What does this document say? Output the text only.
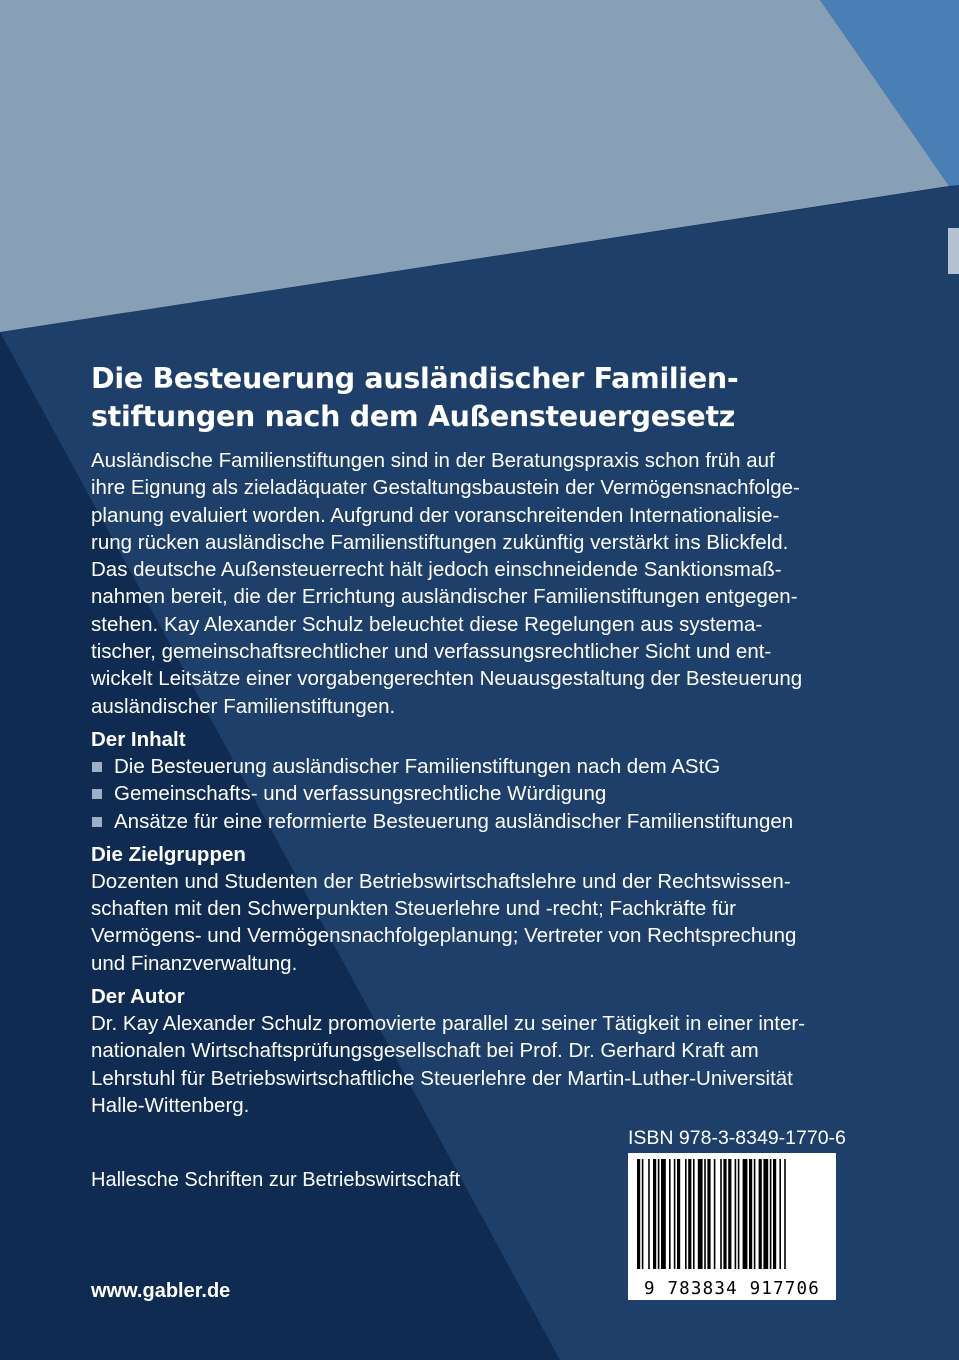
Die Besteuerung ausländischer Familien-
stiftungen nach dem Außensteuergesetz
Ausländische Familienstiftungen sind in der Beratungspraxis schon früh auf
ihre Eignung als zieladäquater Gestaltungsbaustein der Vermögensnachfolge-
planung evaluiert worden. Aufgrund der voranschreitenden Internationalisie-
rung rücken ausländische Familienstiftungen zukünftig verstärkt ins Blickfeld.
Das deutsche Außensteuerrecht hält jedoch einschneidende Sanktionsmaß-
nahmen bereit, die der Errichtung ausländischer Familienstiftungen entgegen-
stehen. Kay Alexander Schulz beleuchtet diese Regelungen aus systema-
tischer, gemeinschaftsrechtlicher und verfassungsrechtlicher Sicht und ent-
wickelt Leitsätze einer vorgabengerechten Neuausgestaltung der Besteuerung
ausländischer Familienstiftungen.
Der Inhalt
Die Besteuerung ausländischer Familienstiftungen nach dem AStG
Gemeinschafts- und verfassungsrechtliche Würdigung
Ansätze für eine reformierte Besteuerung ausländischer Familienstiftungen
Die Zielgruppen
Dozenten und Studenten der Betriebswirtschaftslehre und der Rechtswissen-
schaften mit den Schwerpunkten Steuerlehre und -recht; Fachkräfte für
Vermögens- und Vermögensnachfolgeplanung; Vertreter von Rechtsprechung
und Finanzverwaltung.
Der Autor
Dr. Kay Alexander Schulz promovierte parallel zu seiner Tätigkeit in einer inter-
nationalen Wirtschaftsprüfungsgesellschaft bei Prof. Dr. Gerhard Kraft am
Lehrstuhl für Betriebswirtschaftliche Steuerlehre der Martin-Luther-Universität
Halle-Wittenberg.
ISBN 978-3-8349-1770-6
9 783834 917706
Hallesche Schriften zur Betriebswirtschaft
www.gabler.de
